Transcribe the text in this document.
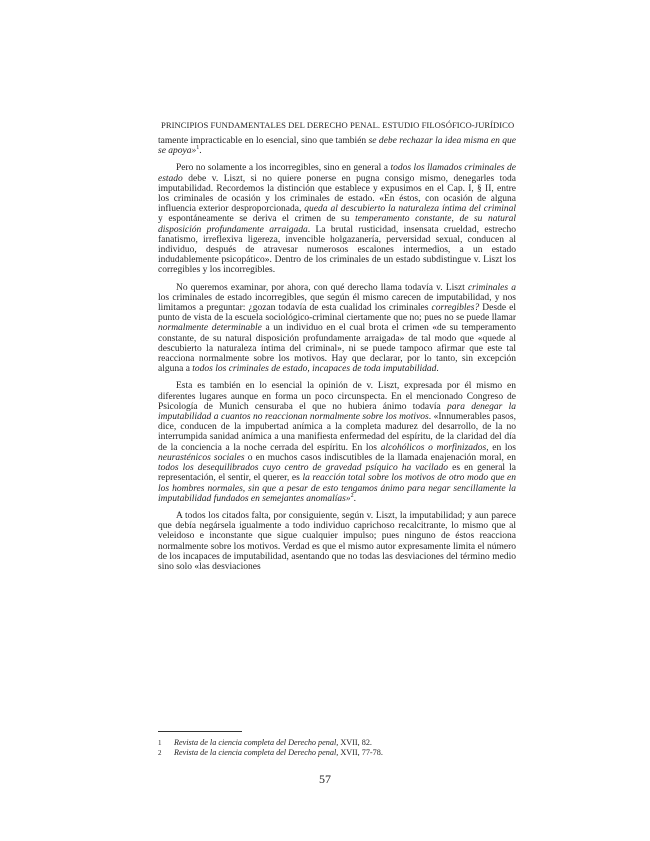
PRINCIPIOS FUNDAMENTALES DEL DERECHO PENAL. ESTUDIO FILOSÓFICO-JURÍDICO

tamente impracticable en lo esencial, sino que también se debe rechazar la idea misma en que se apoya»$^1$.

Pero no solamente a los incorregibles, sino en general a todos los llamados criminales de estado debe v. Liszt, si no quiere ponerse en pugna consigo mismo, denegarles toda imputabilidad. Recordemos la distinción que establece y expusimos en el Cap. I, § II, entre los criminales de ocasión y los criminales de estado. «En éstos, con ocasión de alguna influencia exterior desproporcionada, queda al descubierto la naturaleza íntima del criminal y espontáneamente se deriva el crimen de su temperamento constante, de su natural disposición profundamente arraigada. La brutal rusticidad, insensata crueldad, estrecho fanatismo, irreflexiva ligereza, invencible holgazanería, perversidad sexual, conducen al individuo, después de atravesar numerosos escalones intermedios, a un estado indudablemente psicopático». Dentro de los criminales de un estado subdistingue v. Liszt los corregibles y los incorregibles.

No queremos examinar, por ahora, con qué derecho llama todavía v. Liszt criminales a los criminales de estado incorregibles, que según él mismo carecen de imputabilidad, y nos limitamos a preguntar: ¿gozan todavía de esta cualidad los criminales corregibles? Desde el punto de vista de la escuela sociológico-criminal ciertamente que no; pues no se puede llamar normalmente determinable a un individuo en el cual brota el crimen «de su temperamento constante, de su natural disposición profundamente arraigada» de tal modo que «quede al descubierto la naturaleza íntima del criminal», ni se puede tampoco afirmar que este tal reacciona normalmente sobre los motivos. Hay que declarar, por lo tanto, sin excepción alguna a todos los criminales de estado, incapaces de toda imputabilidad.

Esta es también en lo esencial la opinión de v. Liszt, expresada por él mismo en diferentes lugares aunque en forma un poco circunspecta. En el mencionado Congreso de Psicología de Munich censuraba el que no hubiera ánimo todavía para denegar la imputabilidad a cuantos no reaccionan normalmente sobre los motivos. «Innumerables pasos, dice, conducen de la impubertad anímica a la completa madurez del desarrollo, de la no interrumpida sanidad anímica a una manifiesta enfermedad del espíritu, de la claridad del día de la conciencia a la noche cerrada del espíritu. En los alcohólicos o morfinizados, en los neurasténicos sociales o en muchos casos indiscutibles de la llamada enajenación moral, en todos los desequilibrados cuyo centro de gravedad psíquico ha vacilado es en general la representación, el sentir, el querer, es la reacción total sobre los motivos de otro modo que en los hombres normales, sin que a pesar de esto tengamos ánimo para negar sencillamente la imputabilidad fundados en semejantes anomalías»$^2$.

A todos los citados falta, por consiguiente, según v. Liszt, la imputabilidad; y aun parece que debía negársela igualmente a todo individuo caprichoso recalcitrante, lo mismo que al veleidoso e inconstante que sigue cualquier impulso; pues ninguno de éstos reacciona normalmente sobre los motivos. Verdad es que el mismo autor expresamente limita el número de los incapaces de imputabilidad, asentando que no todas las desviaciones del término medio sino solo «las desviaciones

1	Revista de la ciencia completa del Derecho penal, XVII, 82.
2	Revista de la ciencia completa del Derecho penal, XVII, 77-78.
57
